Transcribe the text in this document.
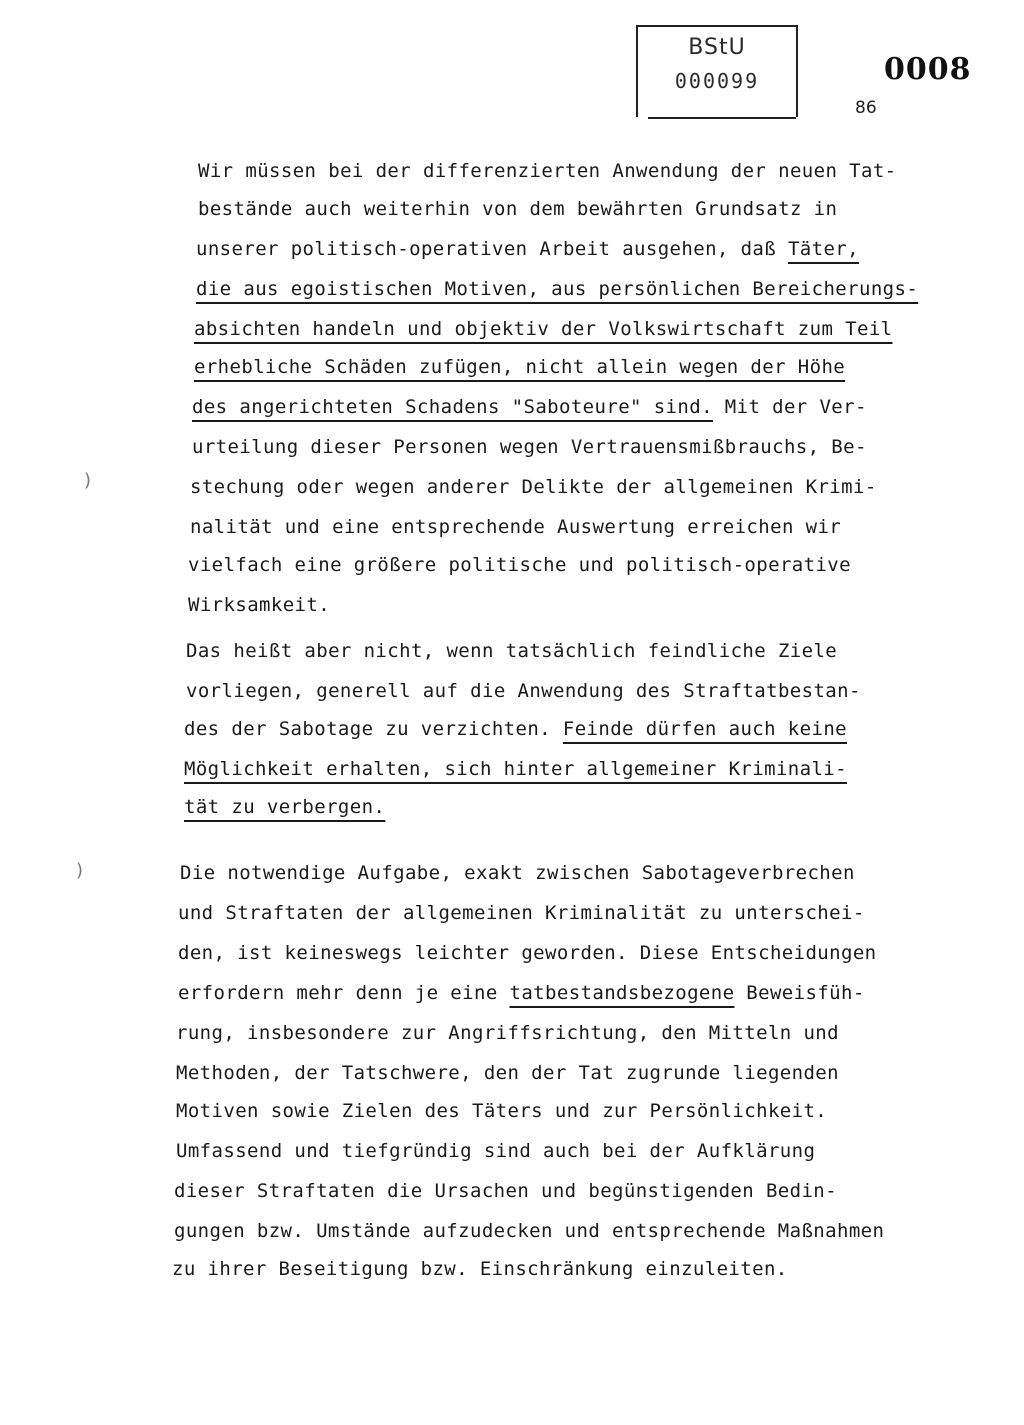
BStU
000099	0008
86
)
)
Wir müssen bei der differenzierten Anwendung der neuen Tat-
bestände auch weiterhin von dem bewährten Grundsatz in
unserer politisch-operativen Arbeit ausgehen, daß Täter,
die aus egoistischen Motiven, aus persönlichen Bereicherungs-
absichten handeln und objektiv der Volkswirtschaft zum Teil
erhebliche Schäden zufügen, nicht allein wegen der Höhe
des angerichteten Schadens "Saboteure" sind. Mit der Ver-
urteilung dieser Personen wegen Vertrauensmißbrauchs, Be-
stechung oder wegen anderer Delikte der allgemeinen Krimi-
nalität und eine entsprechende Auswertung erreichen wir
vielfach eine größere politische und politisch-operative
Wirksamkeit.
Das heißt aber nicht, wenn tatsächlich feindliche Ziele
vorliegen, generell auf die Anwendung des Straftatbestan-
des der Sabotage zu verzichten. Feinde dürfen auch keine
Möglichkeit erhalten, sich hinter allgemeiner Kriminali-
tät zu verbergen.
Die notwendige Aufgabe, exakt zwischen Sabotageverbrechen
und Straftaten der allgemeinen Kriminalität zu unterschei-
den, ist keineswegs leichter geworden. Diese Entscheidungen
erfordern mehr denn je eine tatbestandsbezogene Beweisfüh-
rung, insbesondere zur Angriffsrichtung, den Mitteln und
Methoden, der Tatschwere, den der Tat zugrunde liegenden
Motiven sowie Zielen des Täters und zur Persönlichkeit.
Umfassend und tiefgründig sind auch bei der Aufklärung
dieser Straftaten die Ursachen und begünstigenden Bedin-
gungen bzw. Umstände aufzudecken und entsprechende Maßnahmen
zu ihrer Beseitigung bzw. Einschränkung einzuleiten.
